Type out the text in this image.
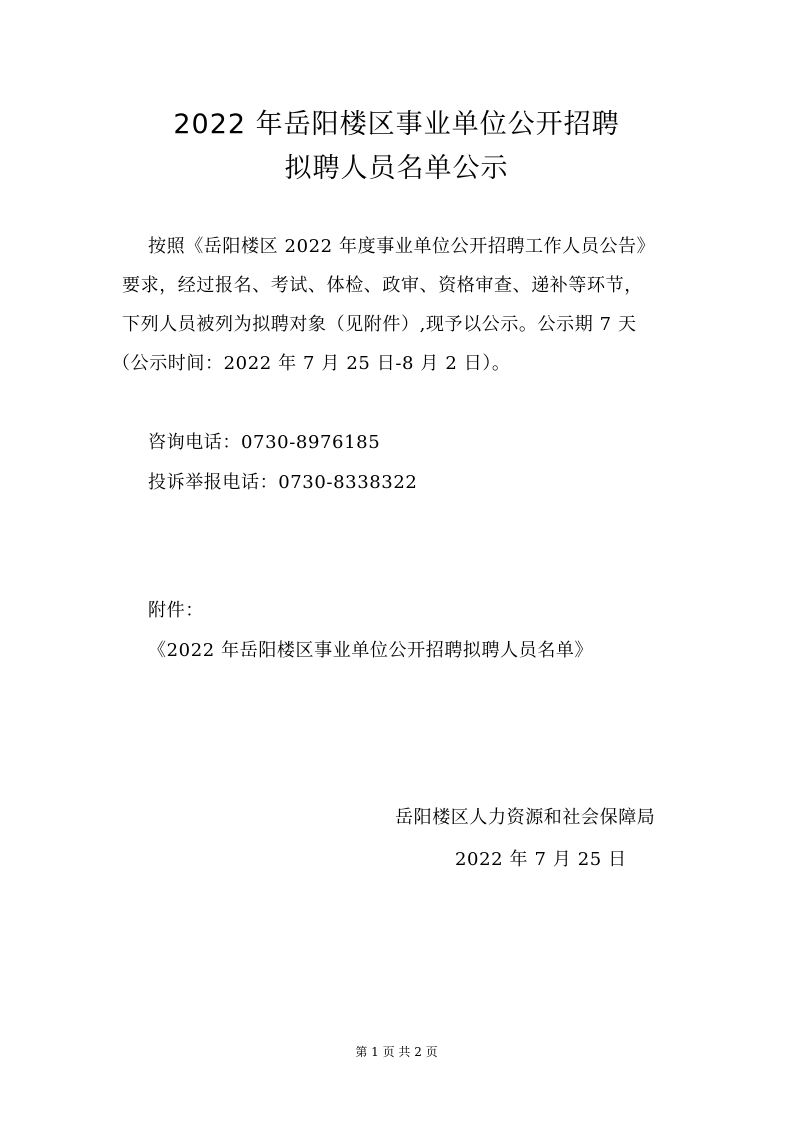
2022 年岳阳楼区事业单位公开招聘
拟聘人员名单公示
按照《岳阳楼区 2022 年度事业单位公开招聘工作人员公告》
要求，经过报名、考试、体检、政审、资格审查、递补等环节，
下列人员被列为拟聘对象（见附件）,现予以公示。公示期 7 天
（公示时间：2022 年 7 月 25 日-8 月 2 日）。
咨询电话：0730-8976185
投诉举报电话：0730-8338322
附件：
《2022 年岳阳楼区事业单位公开招聘拟聘人员名单》
岳阳楼区人力资源和社会保障局
2022 年 7 月 25 日
第 1 页 共 2 页
